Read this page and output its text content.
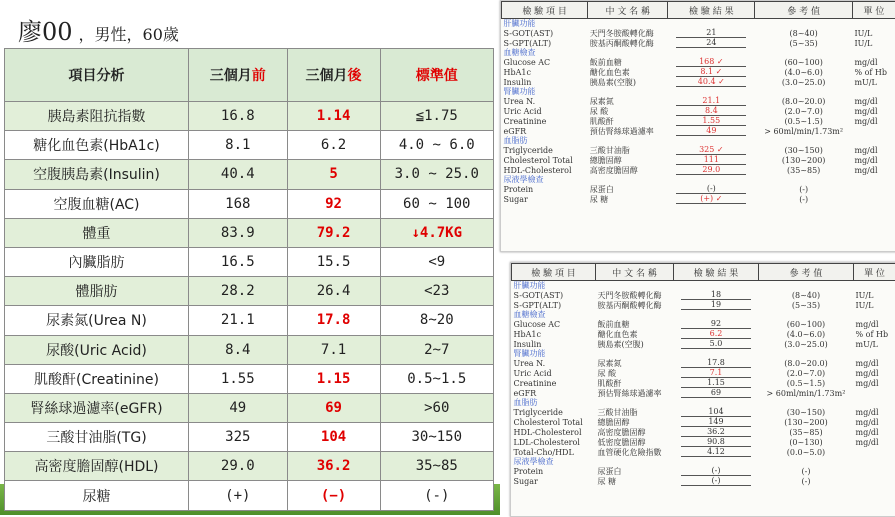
廖00 ，男性，60歲
項目分析	三個月前	三個月後	標準值
胰島素阻抗指數	16.8	1.14	≦1.75
糖化血色素(HbA1c)	8.1	6.2	4.0 ~ 6.0
空腹胰島素(Insulin)	40.4	5	3.0 ~ 25.0
空腹血糖(AC)	168	92	60 ~ 100
體重	83.9	79.2	↓4.7KG
內臟脂肪	16.5	15.5	<9
體脂肪	28.2	26.4	<23
尿素氮(Urea N)	21.1	17.8	8~20
尿酸(Uric Acid)	8.4	7.1	2~7
肌酸酐(Creatinine)	1.55	1.15	0.5~1.5
腎絲球過濾率(eGFR)	49	69	>60
三酸甘油脂(TG)	325	104	30~150
高密度膽固醇(HDL)	29.0	36.2	35~85
尿糖	(+)	(−)	(-)
檢 驗 項 目	中 文 名 稱	檢 驗 結 果	參 考 值	單 位
肝臟功能				
S-GOT(AST)	天門冬胺酸轉化酶	21	(8~40)	IU/L
S-GPT(ALT)	胺基丙酮酸轉化酶	24	(5~35)	IU/L
血糖檢查				
Glucose AC	飯前血糖	168 ✓	(60~100)	mg/dl
HbA1c	醣化血色素	8.1 ✓	(4.0~6.0)	% of Hb
Insulin	胰島素(空腹)	40.4 ✓	(3.0~25.0)	mU/L
腎臟功能				
Urea N.	尿素氮	21.1	(8.0~20.0)	mg/dl
Uric Acid	尿 酸	8.4	(2.0~7.0)	mg/dl
Creatinine	肌酸酐	1.55	(0.5~1.5)	mg/dl
eGFR	預估腎絲球過濾率	49	> 60ml/min/1.73m²	
血脂肪				
Triglyceride	三酸甘油脂	325 ✓	(30~150)	mg/dl
Cholesterol Total	總膽固醇	111	(130~200)	mg/dl
HDL-Cholesterol	高密度膽固醇	29.0	(35~85)	mg/dl
尿液學檢查				
Protein	尿蛋白	(-)	(-)	
Sugar	尿 糖	(+) ✓	(-)	
檢 驗 項 目	中 文 名 稱	檢 驗 結 果	參 考 值	單 位
肝臟功能				
S-GOT(AST)	天門冬胺酸轉化酶	18	(8~40)	IU/L
S-GPT(ALT)	胺基丙酮酸轉化酶	19	(5~35)	IU/L
血糖檢查				
Glucose AC	飯前血糖	92	(60~100)	mg/dl
HbA1c	醣化血色素	6.2	(4.0~6.0)	% of Hb
Insulin	胰島素(空腹)	5.0	(3.0~25.0)	mU/L
腎臟功能				
Urea N.	尿素氮	17.8	(8.0~20.0)	mg/dl
Uric Acid	尿 酸	7.1	(2.0~7.0)	mg/dl
Creatinine	肌酸酐	1.15	(0.5~1.5)	mg/dl
eGFR	預估腎絲球過濾率	69	> 60ml/min/1.73m²	
血脂肪				
Triglyceride	三酸甘油脂	104	(30~150)	mg/dl
Cholesterol Total	總膽固醇	149	(130~200)	mg/dl
HDL-Cholesterol	高密度膽固醇	36.2	(35~85)	mg/dl
LDL-Cholesterol	低密度膽固醇	90.8	(0~130)	mg/dl
Total-Cho/HDL	血管硬化危險指數	4.12	(0.0~5.0)	
尿液學檢查				
Protein	尿蛋白	(-)	(-)	
Sugar	尿 糖	(-)	(-)	
